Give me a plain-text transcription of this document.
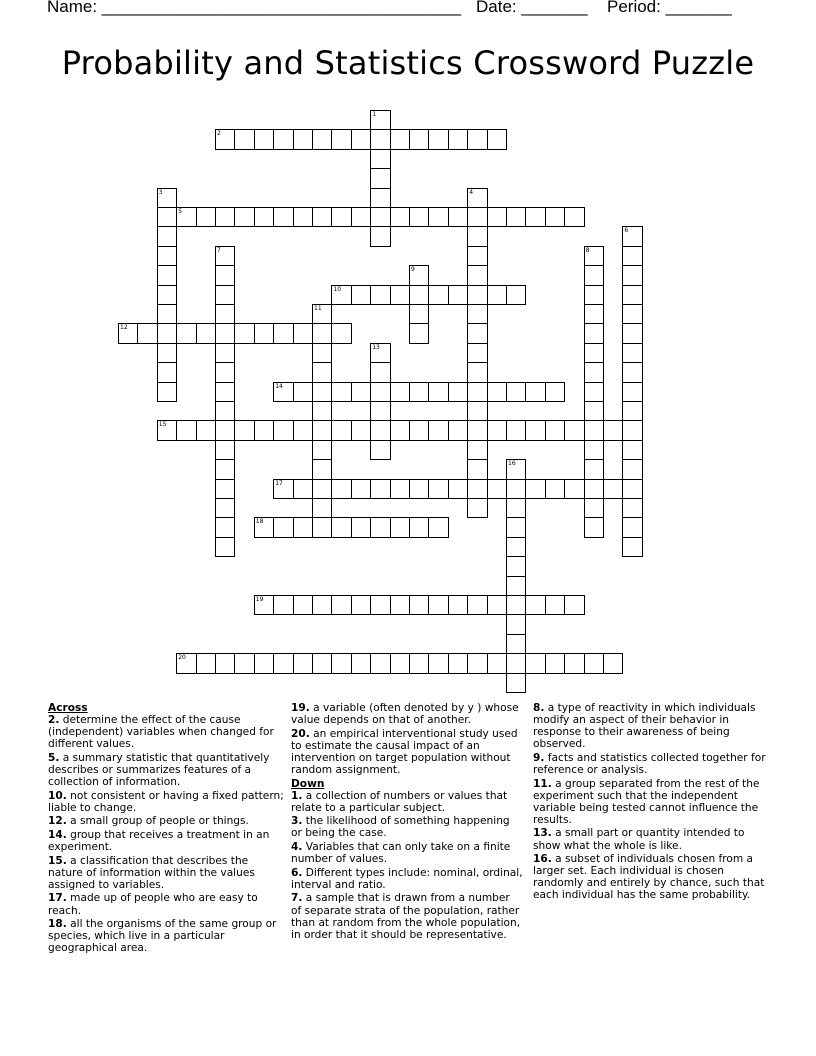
Name: ______________________________________ Date: _______ Period: _______
Probability and Statistics Crossword Puzzle
1
2
3	4
5
6
7	8
9
10
11
12
13
14
15
16
17
18
19
20
Across
2. determine the effect of the cause (independent) variables when changed for different values.
5. a summary statistic that quantitatively describes or summarizes features of a collection of information.
10. not consistent or having a fixed pattern; liable to change.
12. a small group of people or things.
14. group that receives a treatment in an experiment.
15. a classification that describes the nature of information within the values assigned to variables.
17. made up of people who are easy to reach.
18. all the organisms of the same group or species, which live in a particular geographical area.
19. a variable (often denoted by y ) whose value depends on that of another.
20. an empirical interventional study used to estimate the causal impact of an intervention on target population without random assignment.
Down
1. a collection of numbers or values that relate to a particular subject.
3. the likelihood of something happening or being the case.
4. Variables that can only take on a finite number of values.
6. Different types include: nominal, ordinal, interval and ratio.
7. a sample that is drawn from a number of separate strata of the population, rather than at random from the whole population, in order that it should be representative.
8. a type of reactivity in which individuals modify an aspect of their behavior in response to their awareness of being observed.
9. facts and statistics collected together for reference or analysis.
11. a group separated from the rest of the experiment such that the independent variable being tested cannot influence the results.
13. a small part or quantity intended to show what the whole is like.
16. a subset of individuals chosen from a larger set. Each individual is chosen randomly and entirely by chance, such that each individual has the same probability.
